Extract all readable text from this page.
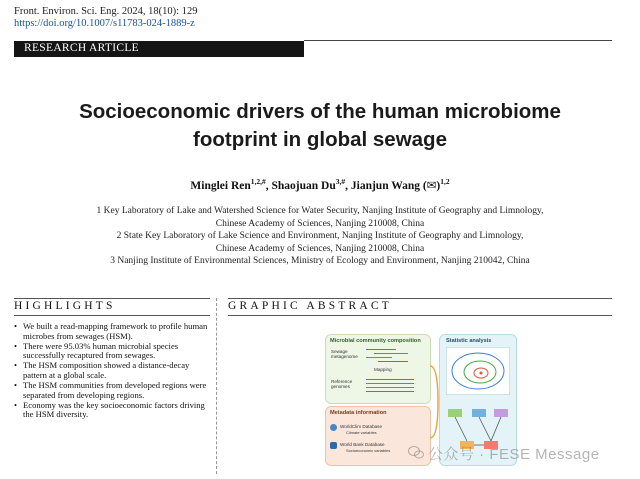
Front. Environ. Sci. Eng. 2024, 18(10): 129
https://doi.org/10.1007/s11783-024-1889-z
RESEARCH ARTICLE
Socioeconomic drivers of the human microbiome
footprint in global sewage
Minglei Ren$^{1,2,\#}$, Shaojuan $Du^{3,\#}$, Jianjun Wang (✉)$^{1,2}$
1 Key Laboratory of Lake and Watershed Science for Water Security, Nanjing Institute of Geography and Limnology,
Chinese Academy of Sciences, Nanjing 210008, China
2 State Key Laboratory of Lake Science and Environment, Nanjing Institute of Geography and Limnology,
Chinese Academy of Sciences, Nanjing 210008, China
3 Nanjing Institute of Environmental Sciences, Ministry of Ecology and Environment, Nanjing 210042, China
HIGHLIGHTS	GRAPHIC ABSTRACT
• We built a read-mapping framework to profile human microbes from sewages (HSM).
• There were 95.03% human microbial species successfully recaptured from sewages.
• The HSM composition showed a distance-decay pattern at a global scale.
• The HSM communities from developed regions were separated from developing regions.
• Economy was the key socioeconomic factors driving the HSM diversity.
Microbial community composition
Sewage metagenome
Mapping
Reference genomes
Metadata information
WorldClim Database
Climate variables
World Bank Database
Socioeconomic variables
Statistic analysis
公众号 · FESE Message
